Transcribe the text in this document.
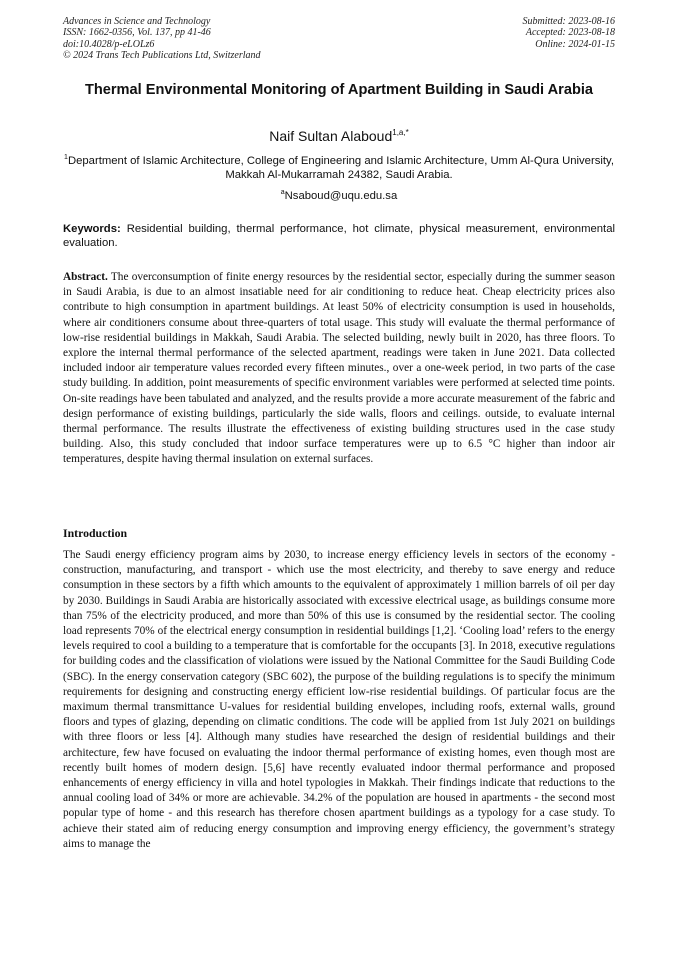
Advances in Science and Technology
ISSN: 1662-0356, Vol. 137, pp 41-46
doi:10.4028/p-eLOLz6
© 2024 Trans Tech Publications Ltd, Switzerland
Submitted: 2023-08-16
Accepted: 2023-08-18
Online: 2024-01-15
Thermal Environmental Monitoring of Apartment Building in Saudi Arabia
Naif Sultan Alaboud$^{1,a,*}$
$^1$Department of Islamic Architecture, College of Engineering and Islamic Architecture, Umm Al-Qura University, Makkah Al-Mukarramah 24382, Saudi Arabia.
$^a$Nsaboud@uqu.edu.sa
Keywords: Residential building, thermal performance, hot climate, physical measurement, environmental evaluation.

Abstract. The overconsumption of finite energy resources by the residential sector, especially during the summer season in Saudi Arabia, is due to an almost insatiable need for air conditioning to reduce heat. Cheap electricity prices also contribute to high consumption in apartment buildings. At least 50% of electricity consumption is used in households, where air conditioners consume about three-quarters of total usage. This study will evaluate the thermal performance of low-rise residential buildings in Makkah, Saudi Arabia. The selected building, newly built in 2020, has three floors. To explore the internal thermal performance of the selected apartment, readings were taken in June 2021. Data collected included indoor air temperature values recorded every fifteen minutes., over a one-week period, in two parts of the case study building. In addition, point measurements of specific environment variables were performed at selected time points. On-site readings have been tabulated and analyzed, and the results provide a more accurate measurement of the fabric and design performance of existing buildings, particularly the side walls, floors and ceilings. outside, to evaluate internal thermal performance. The results illustrate the effectiveness of existing building structures used in the case study building. Also, this study concluded that indoor surface temperatures were up to 6.5 °C higher than indoor air temperatures, despite having thermal insulation on external surfaces.

Introduction

The Saudi energy efficiency program aims by 2030, to increase energy efficiency levels in sectors of the economy - construction, manufacturing, and transport - which use the most electricity, and thereby to save energy and reduce consumption in these sectors by a fifth which amounts to the equivalent of approximately 1 million barrels of oil per day by 2030. Buildings in Saudi Arabia are historically associated with excessive electrical usage, as buildings consume more than 75% of the electricity produced, and more than 50% of this use is consumed by the residential sector. The cooling load represents 70% of the electrical energy consumption in residential buildings [1,2]. ‘Cooling load’ refers to the energy levels required to cool a building to a temperature that is comfortable for the occupants [3]. In 2018, executive regulations for building codes and the classification of violations were issued by the National Committee for the Saudi Building Code (SBC). In the energy conservation category (SBC 602), the purpose of the building regulations is to specify the minimum requirements for designing and constructing energy efficient low-rise residential buildings. Of particular focus are the maximum thermal transmittance U-values for residential building envelopes, including roofs, external walls, ground floors and types of glazing, depending on climatic conditions. The code will be applied from 1st July 2021 on buildings with three floors or less [4]. Although many studies have researched the design of residential buildings and their architecture, few have focused on evaluating the indoor thermal performance of existing homes, even though most are recently built homes of modern design. [5,6] have recently evaluated indoor thermal performance and proposed enhancements of energy efficiency in villa and hotel typologies in Makkah. Their findings indicate that reductions to the annual cooling load of 34% or more are achievable. 34.2% of the population are housed in apartments - the second most popular type of home - and this research has therefore chosen apartment buildings as a typology for a case study. To achieve their stated aim of reducing energy consumption and improving energy efficiency, the government’s strategy aims to manage the
